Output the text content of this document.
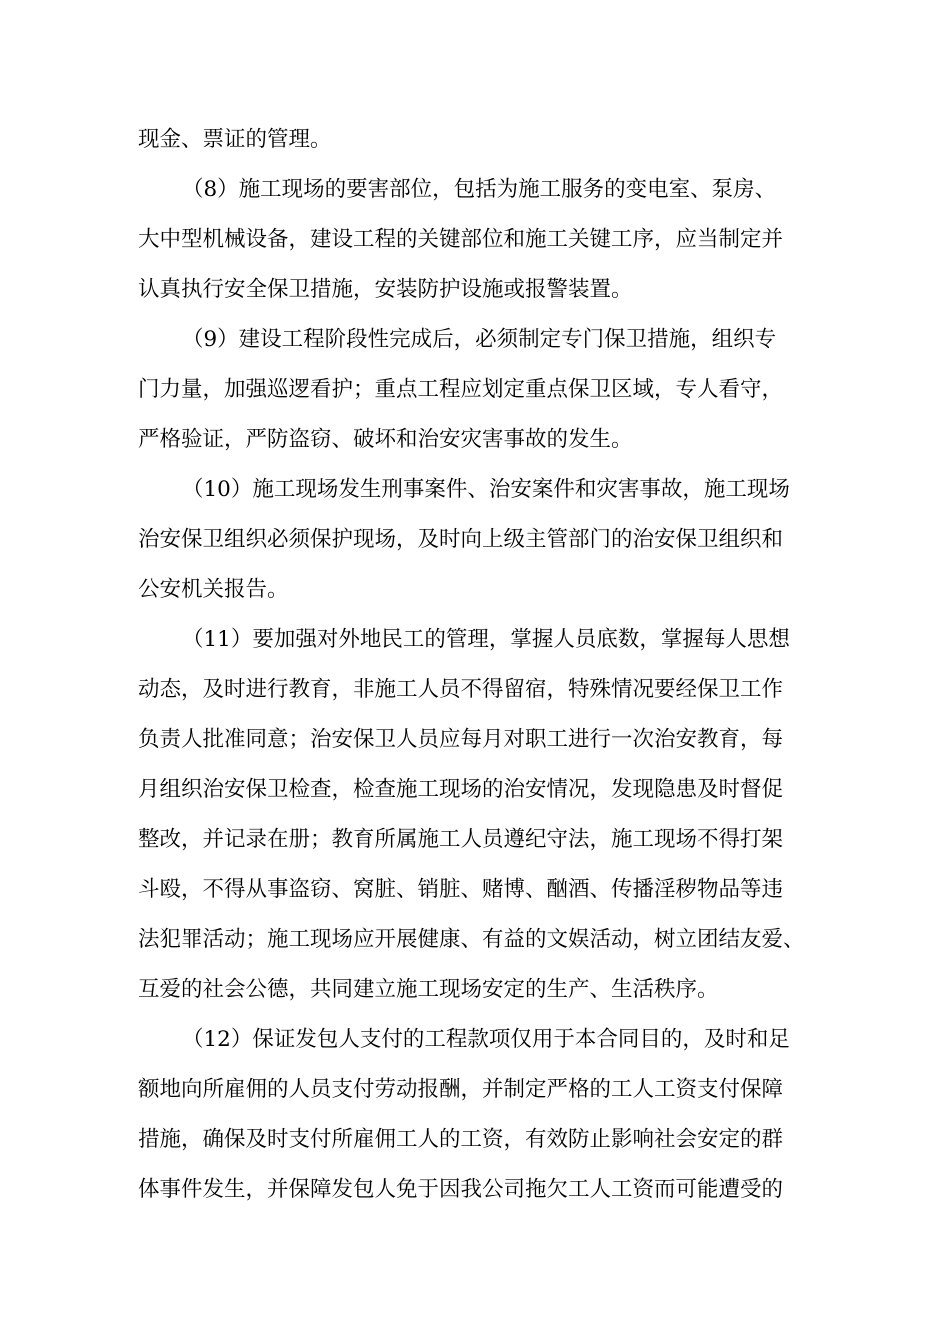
现金、票证的管理。

（8）施工现场的要害部位，包括为施工服务的变电室、泵房、

大中型机械设备，建设工程的关键部位和施工关键工序，应当制定并

认真执行安全保卫措施，安装防护设施或报警装置。

（9）建设工程阶段性完成后，必须制定专门保卫措施，组织专

门力量，加强巡逻看护；重点工程应划定重点保卫区域，专人看守，

严格验证，严防盗窃、破坏和治安灾害事故的发生。

（10）施工现场发生刑事案件、治安案件和灾害事故，施工现场

治安保卫组织必须保护现场，及时向上级主管部门的治安保卫组织和

公安机关报告。

（11）要加强对外地民工的管理，掌握人员底数，掌握每人思想

动态，及时进行教育，非施工人员不得留宿，特殊情况要经保卫工作

负责人批准同意；治安保卫人员应每月对职工进行一次治安教育，每

月组织治安保卫检查，检查施工现场的治安情况，发现隐患及时督促

整改，并记录在册；教育所属施工人员遵纪守法，施工现场不得打架

斗殴，不得从事盗窃、窝脏、销脏、赌博、酗酒、传播淫秽物品等违

法犯罪活动；施工现场应开展健康、有益的文娱活动，树立团结友爱、

互爱的社会公德，共同建立施工现场安定的生产、生活秩序。

（12）保证发包人支付的工程款项仅用于本合同目的，及时和足

额地向所雇佣的人员支付劳动报酬，并制定严格的工人工资支付保障

措施，确保及时支付所雇佣工人的工资，有效防止影响社会安定的群

体事件发生，并保障发包人免于因我公司拖欠工人工资而可能遭受的
